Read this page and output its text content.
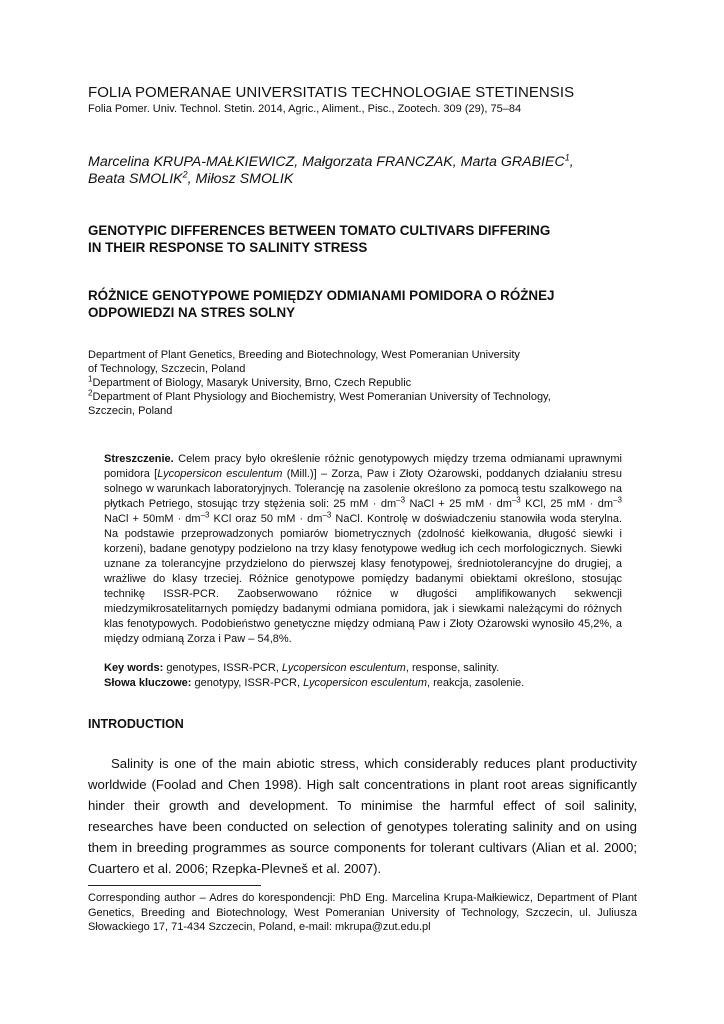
FOLIA POMERANAE UNIVERSITATIS TECHNOLOGIAE STETINENSIS
Folia Pomer. Univ. Technol. Stetin. 2014, Agric., Aliment., Pisc., Zootech. 309 (29), 75–84
Marcelina KRUPA-MAŁKIEWICZ, Małgorzata FRANCZAK, Marta GRABIEC$^1$,
Beata SMOLIK$^2$, Miłosz SMOLIK
GENOTYPIC DIFFERENCES BETWEEN TOMATO CULTIVARS DIFFERING
IN THEIR RESPONSE TO SALINITY STRESS
RÓŻNICE GENOTYPOWE POMIĘDZY ODMIANAMI POMIDORA O RÓŻNEJ
ODPOWIEDZI NA STRES SOLNY
Department of Plant Genetics, Breeding and Biotechnology, West Pomeranian University
of Technology, Szczecin, Poland
$^1$Department of Biology, Masaryk University, Brno, Czech Republic
$^2$Department of Plant Physiology and Biochemistry, West Pomeranian University of Technology,
Szczecin, Poland
Streszczenie. Celem pracy było określenie różnic genotypowych między trzema odmianami uprawnymi pomidora [Lycopersicon esculentum (Mill.)] – Zorza, Paw i Złoty Ożarowski, poddanych działaniu stresu solnego w warunkach laboratoryjnych. Tolerancję na zasolenie określono za pomocą testu szalkowego na płytkach Petriego, stosując trzy stężenia soli: 25 mM · $dm^{-3}$ NaCl + 25 mM · $dm^{-3}$ KCl, 25 mM · $dm^{-3}$ NaCl + $50mM \cdot dm^{-3}$ KCl oraz 50 mM · $dm^{-3}$ NaCl. Kontrolę w doświadczeniu stanowiła woda sterylna. Na podstawie przeprowadzonych pomiarów biometrycznych (zdolność kiełkowania, długość siewki i korzeni), badane genotypy podzielono na trzy klasy fenotypowe według ich cech morfologicznych. Siewki uznane za tolerancyjne przydzielono do pierwszej klasy fenotypowej, średniotolerancyjne do drugiej, a wrażliwe do klasy trzeciej. Różnice genotypowe pomiędzy badanymi obiektami określono, stosując technikę ISSR-PCR. Zaobserwowano różnice w długości amplifikowanych sekwencji miedzymikrosatelitarnych pomiędzy badanymi odmiana pomidora, jak i siewkami należącymi do różnych klas fenotypowych. Podobieństwo genetyczne między odmianą Paw i Złoty Ożarowski wynosiło 45,2%, a między odmianą Zorza i Paw – 54,8%.
Key words: genotypes, ISSR-PCR, Lycopersicon esculentum, response, salinity.
Słowa kluczowe: genotypy, ISSR-PCR, Lycopersicon esculentum, reakcja, zasolenie.
INTRODUCTION
Salinity is one of the main abiotic stress, which considerably reduces plant productivity worldwide (Foolad and Chen 1998). High salt concentrations in plant root areas significantly hinder their growth and development. To minimise the harmful effect of soil salinity, researches have been conducted on selection of genotypes tolerating salinity and on using them in breeding programmes as source components for tolerant cultivars (Alian et al. 2000; Cuartero et al. 2006; Rzepka-Plevneš et al. 2007).
Corresponding author – Adres do korespondencji: PhD Eng. Marcelina Krupa-Małkiewicz, Department of Plant Genetics, Breeding and Biotechnology, West Pomeranian University of Technology, Szczecin, ul. Juliusza Słowackiego 17, 71-434 Szczecin, Poland, e-mail: mkrupa@zut.edu.pl
